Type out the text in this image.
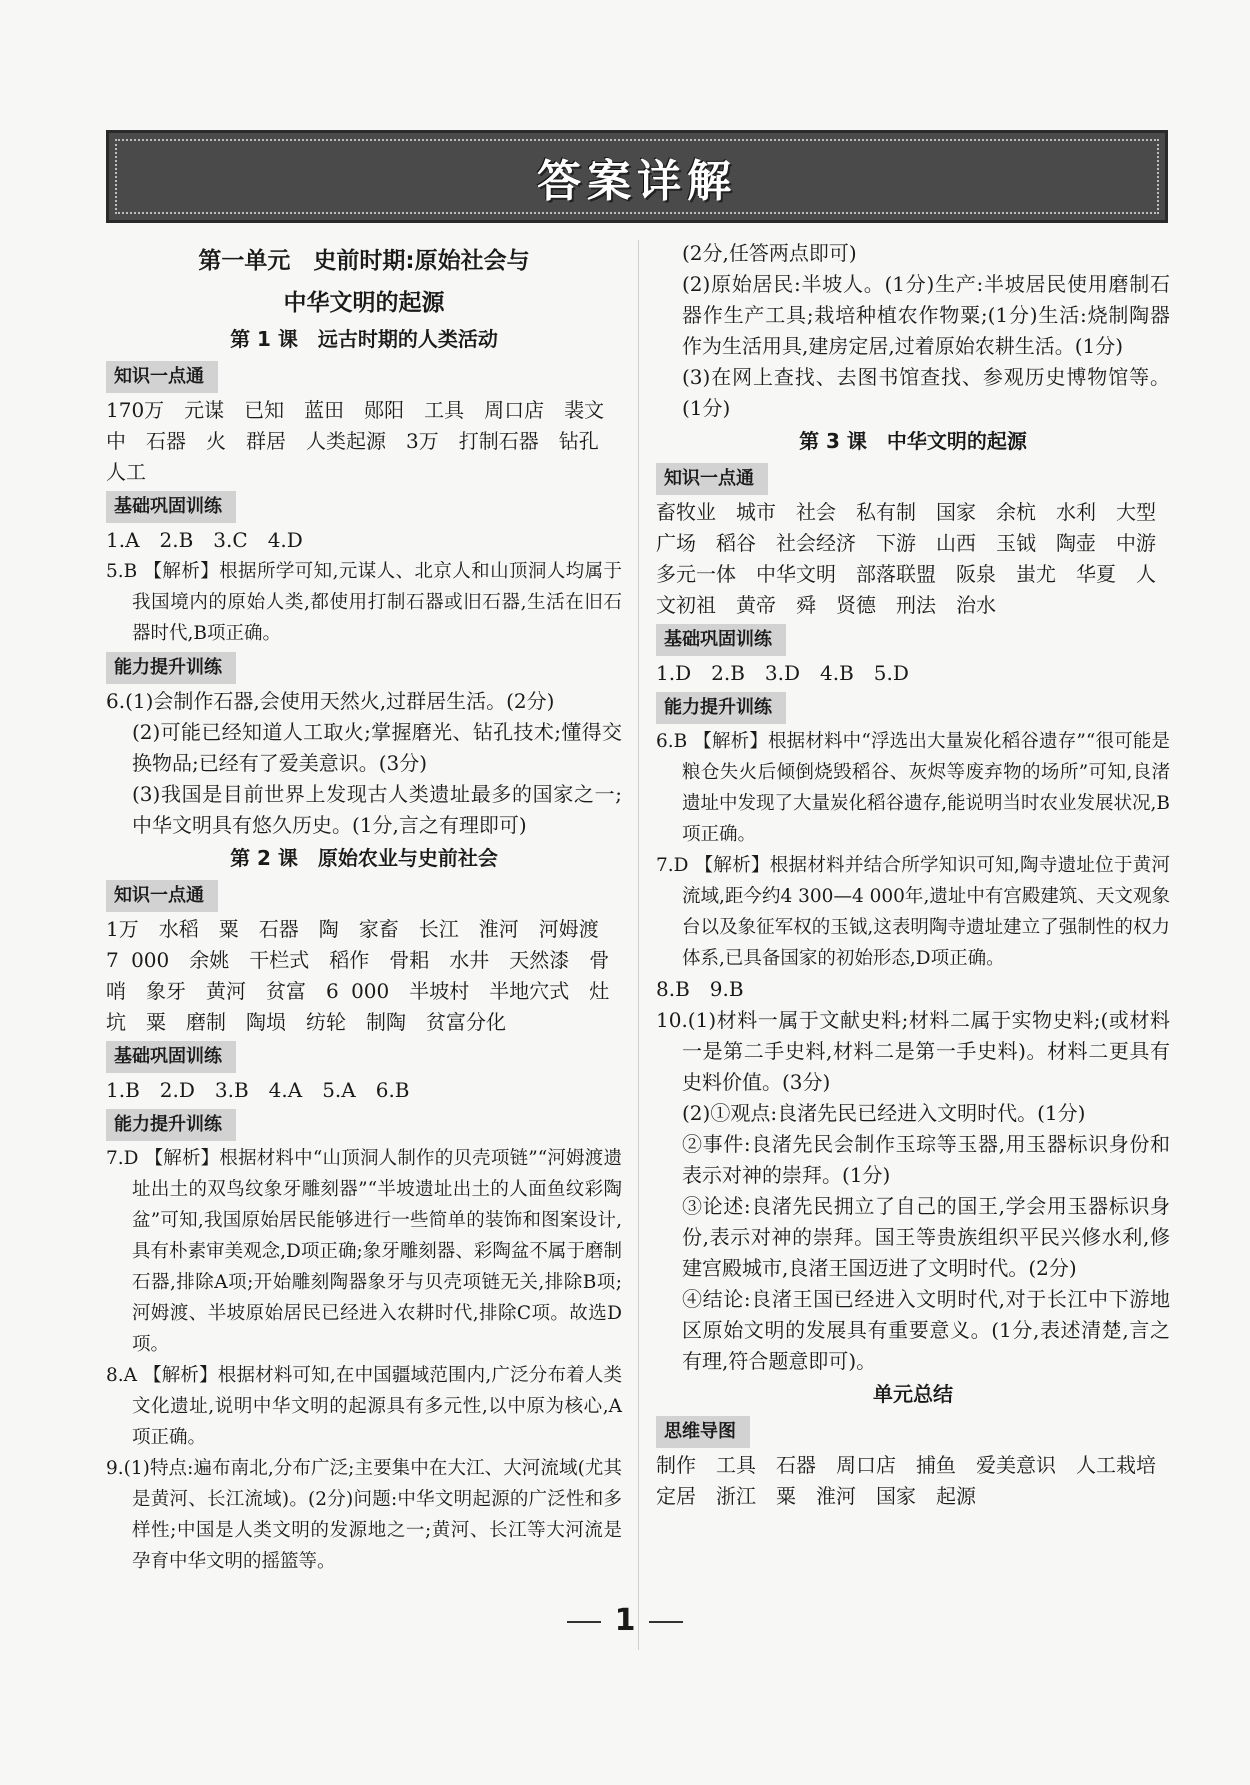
答案详解
第一单元　史前时期:原始社会与
中华文明的起源
第 1 课　远古时期的人类活动
知识一点通

170万　元谋　已知　蓝田　郧阳　工具　周口店　裴文中　石器　火　群居　人类起源　3万　打制石器　钻孔　人工

基础巩固训练

1.A　2.B　3.C　4.D

5.B 【解析】根据所学可知,元谋人、北京人和山顶洞人均属于我国境内的原始人类,都使用打制石器或旧石器,生活在旧石器时代,B项正确。

能力提升训练

6.(1)会制作石器,会使用天然火,过群居生活。(2分)

(2)可能已经知道人工取火;掌握磨光、钻孔技术;懂得交换物品;已经有了爱美意识。(3分)

(3)我国是目前世界上发现古人类遗址最多的国家之一;中华文明具有悠久历史。(1分,言之有理即可)

第 2 课　原始农业与史前社会
知识一点通

1万　水稻　粟　石器　陶　家畜　长江　淮河　河姆渡　7 000　余姚　干栏式　稻作　骨耜　水井　天然漆　骨哨　象牙　黄河　贫富　6 000　半坡村　半地穴式　灶坑　粟　磨制　陶埙　纺轮　制陶　贫富分化

基础巩固训练

1.B　2.D　3.B　4.A　5.A　6.B

能力提升训练

7.D 【解析】根据材料中“山顶洞人制作的贝壳项链”“河姆渡遗址出土的双鸟纹象牙雕刻器”“半坡遗址出土的人面鱼纹彩陶盆”可知,我国原始居民能够进行一些简单的装饰和图案设计,具有朴素审美观念,D项正确;象牙雕刻器、彩陶盆不属于磨制石器,排除A项;开始雕刻陶器象牙与贝壳项链无关,排除B项;河姆渡、半坡原始居民已经进入农耕时代,排除C项。故选D项。

8.A 【解析】根据材料可知,在中国疆域范围内,广泛分布着人类文化遗址,说明中华文明的起源具有多元性,以中原为核心,A项正确。

9.(1)特点:遍布南北,分布广泛;主要集中在大江、大河流域(尤其是黄河、长江流域)。(2分)问题:中华文明起源的广泛性和多样性;中国是人类文明的发源地之一;黄河、长江等大河流是孕育中华文明的摇篮等。

(2分,任答两点即可)

(2)原始居民:半坡人。(1分)生产:半坡居民使用磨制石器作生产工具;栽培种植农作物粟;(1分)生活:烧制陶器作为生活用具,建房定居,过着原始农耕生活。(1分)

(3)在网上查找、去图书馆查找、参观历史博物馆等。(1分)

第 3 课　中华文明的起源
知识一点通

畜牧业　城市　社会　私有制　国家　余杭　水利　大型广场　稻谷　社会经济　下游　山西　玉钺　陶壶　中游　多元一体　中华文明　部落联盟　阪泉　蚩尤　华夏　人文初祖　黄帝　舜　贤德　刑法　治水

基础巩固训练

1.D　2.B　3.D　4.B　5.D

能力提升训练

6.B 【解析】根据材料中“浮选出大量炭化稻谷遗存”“很可能是粮仓失火后倾倒烧毁稻谷、灰烬等废弃物的场所”可知,良渚遗址中发现了大量炭化稻谷遗存,能说明当时农业发展状况,B项正确。

7.D 【解析】根据材料并结合所学知识可知,陶寺遗址位于黄河流域,距今约4 300—4 000年,遗址中有宫殿建筑、天文观象台以及象征军权的玉钺,这表明陶寺遗址建立了强制性的权力体系,已具备国家的初始形态,D项正确。

8.B　9.B

10.(1)材料一属于文献史料;材料二属于实物史料;(或材料一是第二手史料,材料二是第一手史料)。材料二更具有史料价值。(3分)

(2)①观点:良渚先民已经进入文明时代。(1分)

②事件:良渚先民会制作玉琮等玉器,用玉器标识身份和表示对神的崇拜。(1分)

③论述:良渚先民拥立了自己的国王,学会用玉器标识身份,表示对神的崇拜。国王等贵族组织平民兴修水利,修建宫殿城市,良渚王国迈进了文明时代。(2分)

④结论:良渚王国已经进入文明时代,对于长江中下游地区原始文明的发展具有重要意义。(1分,表述清楚,言之有理,符合题意即可)。

单元总结
思维导图

制作　工具　石器　周口店　捕鱼　爱美意识　人工栽培　定居　浙江　粟　淮河　国家　起源

1
